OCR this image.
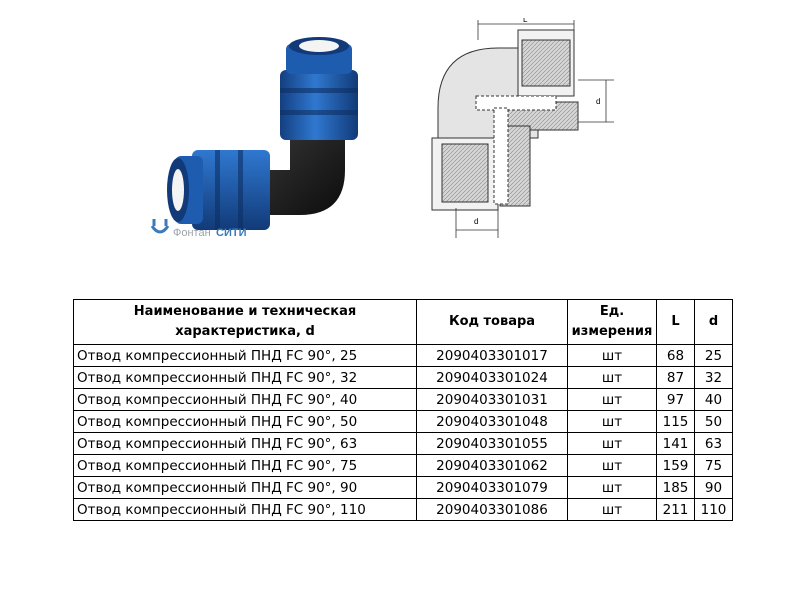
Фонтан СИТИ
L
d
d
Наименование и техническая характеристика, d	Код товара	Ед. измерения	L	d
Отвод компрессионный ПНД FC 90°, 25	2090403301017	шт	68	25
Отвод компрессионный ПНД FC 90°, 32	2090403301024	шт	87	32
Отвод компрессионный ПНД FC 90°, 40	2090403301031	шт	97	40
Отвод компрессионный ПНД FC 90°, 50	2090403301048	шт	115	50
Отвод компрессионный ПНД FC 90°, 63	2090403301055	шт	141	63
Отвод компрессионный ПНД FC 90°, 75	2090403301062	шт	159	75
Отвод компрессионный ПНД FC 90°, 90	2090403301079	шт	185	90
Отвод компрессионный ПНД FC 90°, 110	2090403301086	шт	211	110
